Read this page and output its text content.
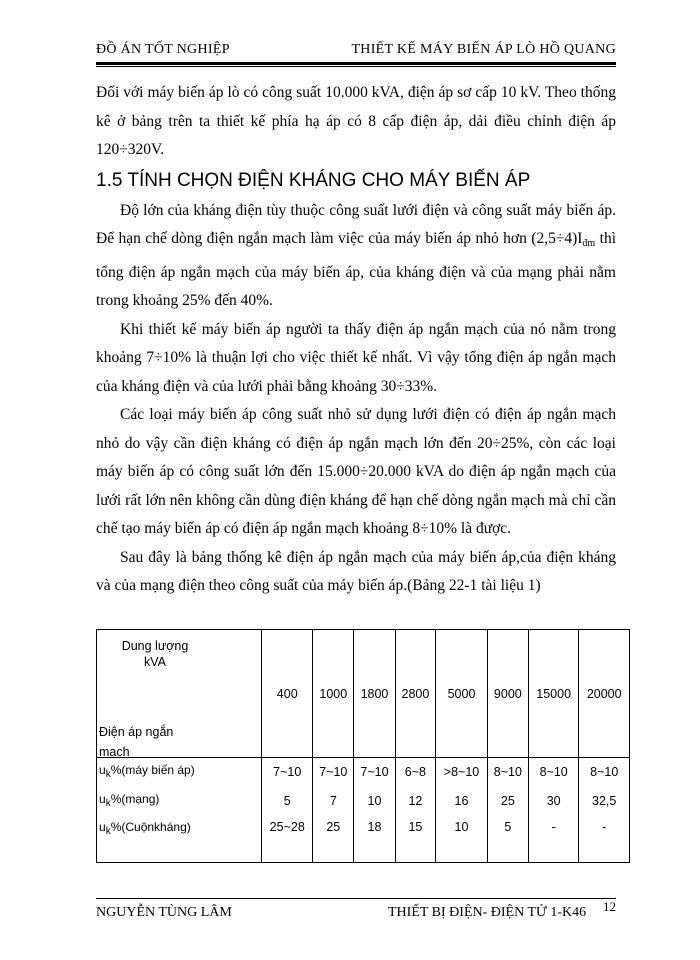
ĐỒ ÁN TỐT NGHIỆP	THIẾT KẾ MÁY BIẾN ÁP LÒ HỒ QUANG

Đối với máy biến áp lò có công suất 10.000 kVA, điện áp sơ cấp 10 kV. Theo thống kê ở bảng trên ta thiết kế phía hạ áp có 8 cấp điện áp, dải điều chỉnh điện áp 120÷320V.

1.5 TÍNH CHỌN ĐIỆN KHÁNG CHO MÁY BIẾN ÁP

Độ lớn của kháng điện tùy thuộc công suất lưới điện và công suất máy biến áp. Để hạn chế dòng điện ngắn mạch làm việc của máy biến áp nhỏ hơn $(2,5\div 4)I_{đm}$ thì tổng điện áp ngắn mạch của máy biến áp, của kháng điện và của mạng phải nằm trong khoảng 25% đến 40%.

Khi thiết kế máy biến áp người ta thấy điện áp ngắn mạch của nó nằm trong khoảng 7÷10% là thuận lợi cho việc thiết kế nhất. Vì vậy tổng điện áp ngắn mạch của kháng điện và của lưới phải bằng khoảng 30÷33%.

Các loại máy biến áp công suất nhỏ sử dụng lưới điện có điện áp ngắn mạch nhỏ do vậy cần điện kháng có điện áp ngắn mạch lớn đến 20÷25%, còn các loại máy biến áp có công suất lớn đến 15.000÷20.000 kVA do điện áp ngắn mạch của lưới rất lớn nên không cần dùng điện kháng để hạn chế dòng ngắn mạch mà chỉ cần chế tạo máy biến áp có điện áp ngắn mạch khoảng 8÷10% là được.

Sau đây là bảng thống kê điện áp ngắn mạch của máy biến áp,của điện kháng và của mạng điện theo công suất của máy biến áp.(Bảng 22-1 tài liệu 1)

Dung lượng
kVA
Điện áp ngắn
mạch	400	1000	1800	2800	5000	9000	15000	20000
$u_k\%(máy$ biến áp)	7~10	7~10	7~10	6~8	>8~10	8~10	8~10	8~10
$u_k\%(mạng)$	5	7	10	12	16	25	30	32,5
$u_k\%(Cuộnkháng)$	25~28	25	18	15	10	5	-	-
NGUYỄN TÙNG LÂM	THIẾT BỊ ĐIỆN- ĐIỆN TỬ 1-K46 12
